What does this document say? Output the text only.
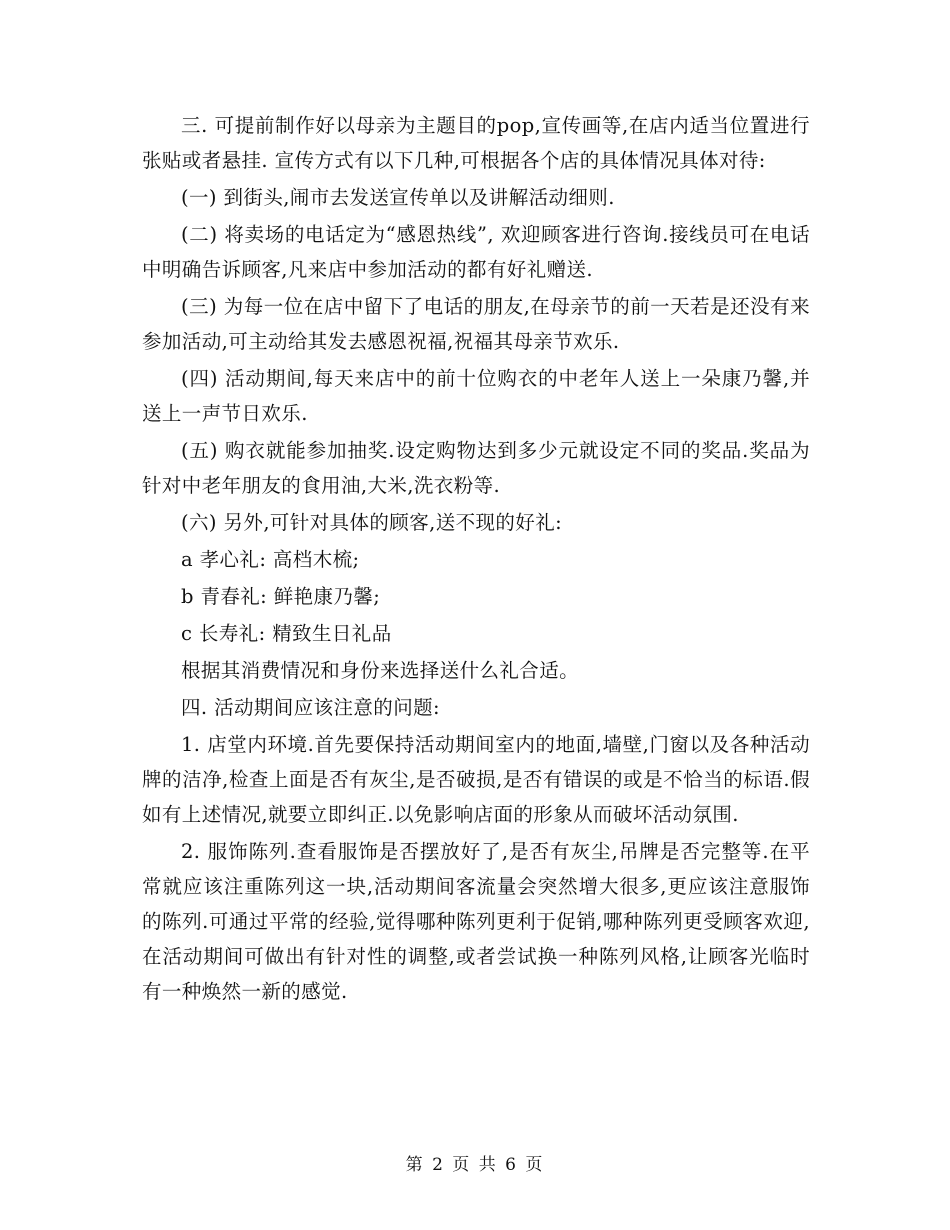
三. 可提前制作好以母亲为主题目的pop,宣传画等,在店内适当位置进行张贴或者悬挂. 宣传方式有以下几种,可根据各个店的具体情况具体对待:

(一) 到街头,闹市去发送宣传单以及讲解活动细则.

(二) 将卖场的电话定为“感恩热线”, 欢迎顾客进行咨询.接线员可在电话中明确告诉顾客,凡来店中参加活动的都有好礼赠送.

(三) 为每一位在店中留下了电话的朋友,在母亲节的前一天若是还没有来参加活动,可主动给其发去感恩祝福,祝福其母亲节欢乐.

(四) 活动期间,每天来店中的前十位购衣的中老年人送上一朵康乃馨,并送上一声节日欢乐.

(五) 购衣就能参加抽奖.设定购物达到多少元就设定不同的奖品.奖品为针对中老年朋友的食用油,大米,洗衣粉等.

(六) 另外,可针对具体的顾客,送不现的好礼:

a 孝心礼: 高档木梳;

b 青春礼: 鲜艳康乃馨;

c 长寿礼: 精致生日礼品

根据其消费情况和身份来选择送什么礼合适。

四. 活动期间应该注意的问题:

1. 店堂内环境.首先要保持活动期间室内的地面,墙壁,门窗以及各种活动牌的洁净,检查上面是否有灰尘,是否破损,是否有错误的或是不恰当的标语.假如有上述情况,就要立即纠正.以免影响店面的形象从而破坏活动氛围.

2. 服饰陈列.查看服饰是否摆放好了,是否有灰尘,吊牌是否完整等.在平常就应该注重陈列这一块,活动期间客流量会突然增大很多,更应该注意服饰的陈列.可通过平常的经验,觉得哪种陈列更利于促销,哪种陈列更受顾客欢迎,在活动期间可做出有针对性的调整,或者尝试换一种陈列风格,让顾客光临时有一种焕然一新的感觉.

第 2 页 共 6 页
